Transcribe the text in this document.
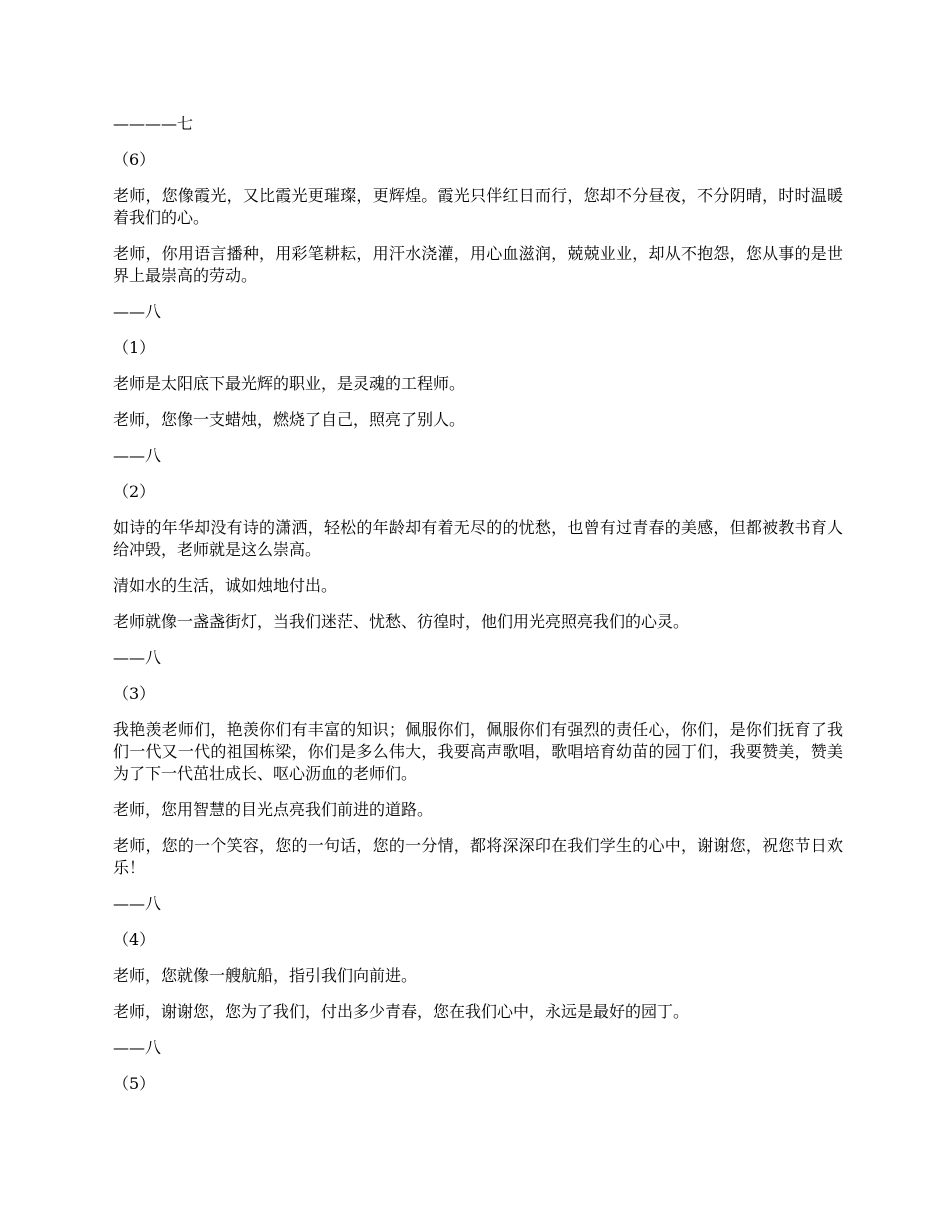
————七

（6）

老师，您像霞光，又比霞光更璀璨，更辉煌。霞光只伴红日而行，您却不分昼夜，不分阴晴，时时温暖着我们的心。

老师，你用语言播种，用彩笔耕耘，用汗水浇灌，用心血滋润，兢兢业业，却从不抱怨，您从事的是世界上最崇高的劳动。

——八

（1）

老师是太阳底下最光辉的职业，是灵魂的工程师。

老师，您像一支蜡烛，燃烧了自己，照亮了别人。

——八

（2）

如诗的年华却没有诗的潇洒，轻松的年龄却有着无尽的的忧愁，也曾有过青春的美感，但都被教书育人给冲毁，老师就是这么崇高。

清如水的生活，诚如烛地付出。

老师就像一盏盏街灯，当我们迷茫、忧愁、彷徨时，他们用光亮照亮我们的心灵。

——八

（3）

我艳羡老师们，艳羡你们有丰富的知识；佩服你们，佩服你们有强烈的责任心，你们，是你们抚育了我们一代又一代的祖国栋梁，你们是多么伟大，我要高声歌唱，歌唱培育幼苗的园丁们，我要赞美，赞美为了下一代茁壮成长、呕心沥血的老师们。

老师，您用智慧的目光点亮我们前进的道路。

老师，您的一个笑容，您的一句话，您的一分情，都将深深印在我们学生的心中，谢谢您，祝您节日欢乐！

——八

（4）

老师，您就像一艘航船，指引我们向前进。

老师，谢谢您，您为了我们，付出多少青春，您在我们心中，永远是最好的园丁。

——八

（5）
